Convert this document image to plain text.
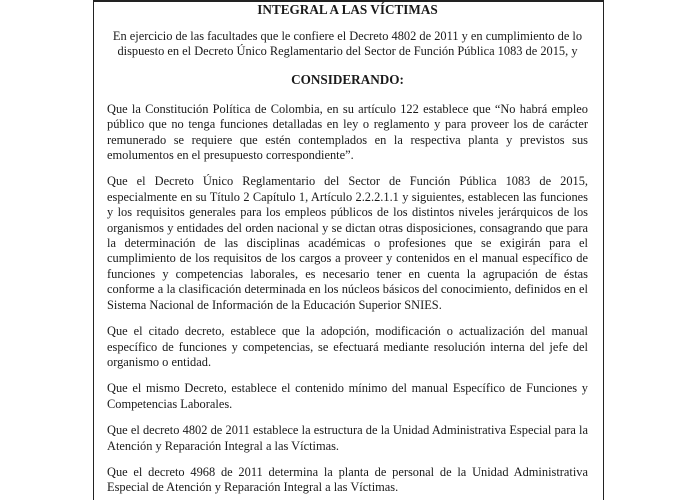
INTEGRAL A LAS VÍCTIMAS

En ejercicio de las facultades que le confiere el Decreto 4802 de 2011 y en cumplimiento de lo dispuesto en el Decreto Único Reglamentario del Sector de Función Pública 1083 de 2015, y

CONSIDERANDO:

Que la Constitución Política de Colombia, en su artículo 122 establece que “No habrá empleo público que no tenga funciones detalladas en ley o reglamento y para proveer los de carácter remunerado se requiere que estén contemplados en la respectiva planta y previstos sus emolumentos en el presupuesto correspondiente”.

Que el Decreto Único Reglamentario del Sector de Función Pública 1083 de 2015, especialmente en su Título 2 Capítulo 1, Artículo 2.2.2.1.1 y siguientes, establecen las funciones y los requisitos generales para los empleos públicos de los distintos niveles jerárquicos de los organismos y entidades del orden nacional y se dictan otras disposiciones, consagrando que para la determinación de las disciplinas académicas o profesiones que se exigirán para el cumplimiento de los requisitos de los cargos a proveer y contenidos en el manual específico de funciones y competencias laborales, es necesario tener en cuenta la agrupación de éstas conforme a la clasificación determinada en los núcleos básicos del conocimiento, definidos en el Sistema Nacional de Información de la Educación Superior SNIES.

Que el citado decreto, establece que la adopción, modificación o actualización del manual específico de funciones y competencias, se efectuará mediante resolución interna del jefe del organismo o entidad.

Que el mismo Decreto, establece el contenido mínimo del manual Específico de Funciones y Competencias Laborales.

Que el decreto 4802 de 2011 establece la estructura de la Unidad Administrativa Especial para la Atención y Reparación Integral a las Víctimas.

Que el decreto 4968 de 2011 determina la planta de personal de la Unidad Administrativa Especial de Atención y Reparación Integral a las Víctimas.
